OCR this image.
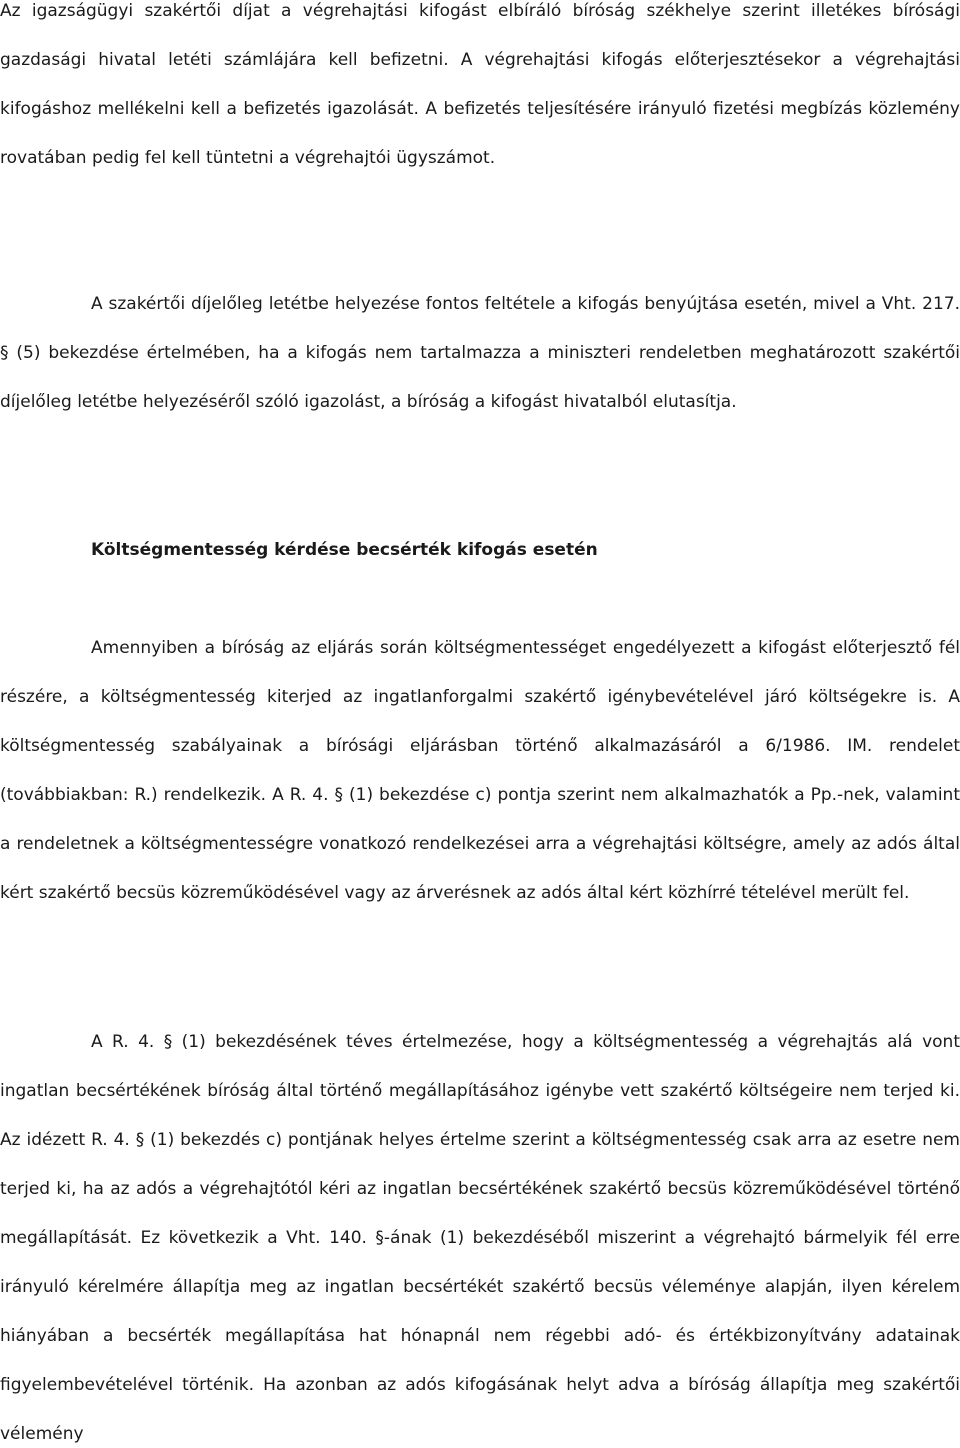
Az igazságügyi szakértői díjat a végrehajtási kifogást elbíráló bíróság székhelye szerint illetékes bírósági gazdasági hivatal letéti számlájára kell befizetni. A végrehajtási kifogás előterjesztésekor a végrehajtási kifogáshoz mellékelni kell a befizetés igazolását. A befizetés teljesítésére irányuló fizetési megbízás közlemény rovatában pedig fel kell tüntetni a végrehajtói ügyszámot.

A szakértői díjelőleg letétbe helyezése fontos feltétele a kifogás benyújtása esetén, mivel a Vht. 217. § (5) bekezdése értelmében, ha a kifogás nem tartalmazza a miniszteri rendeletben meghatározott szakértői díjelőleg letétbe helyezéséről szóló igazolást, a bíróság a kifogást hivatalból elutasítja.

Költségmentesség kérdése becsérték kifogás esetén

Amennyiben a bíróság az eljárás során költségmentességet engedélyezett a kifogást előterjesztő fél részére, a költségmentesség kiterjed az ingatlanforgalmi szakértő igénybevételével járó költségekre is. A költségmentesség szabályainak a bírósági eljárásban történő alkalmazásáról a 6/1986. IM. rendelet (továbbiakban: R.) rendelkezik. A R. 4. § (1) bekezdése c) pontja szerint nem alkalmazhatók a Pp.-nek, valamint a rendeletnek a költségmentességre vonatkozó rendelkezései arra a végrehajtási költségre, amely az adós által kért szakértő becsüs közreműködésével vagy az árverésnek az adós által kért közhírré tételével merült fel.

A R. 4. § (1) bekezdésének téves értelmezése, hogy a költségmentesség a végrehajtás alá vont ingatlan becsértékének bíróság által történő megállapításához igénybe vett szakértő költségeire nem terjed ki. Az idézett R. 4. § (1) bekezdés c) pontjának helyes értelme szerint a költségmentesség csak arra az esetre nem terjed ki, ha az adós a végrehajtótól kéri az ingatlan becsértékének szakértő becsüs közreműködésével történő megállapítását. Ez következik a Vht. 140. §-ának (1) bekezdéséből miszerint a végrehajtó bármelyik fél erre irányuló kérelmére állapítja meg az ingatlan becsértékét szakértő becsüs véleménye alapján, ilyen kérelem hiányában a becsérték megállapítása hat hónapnál nem régebbi adó- és értékbizonyítvány adatainak figyelembevételével történik. Ha azonban az adós kifogásának helyt adva a bíróság állapítja meg szakértői vélemény
